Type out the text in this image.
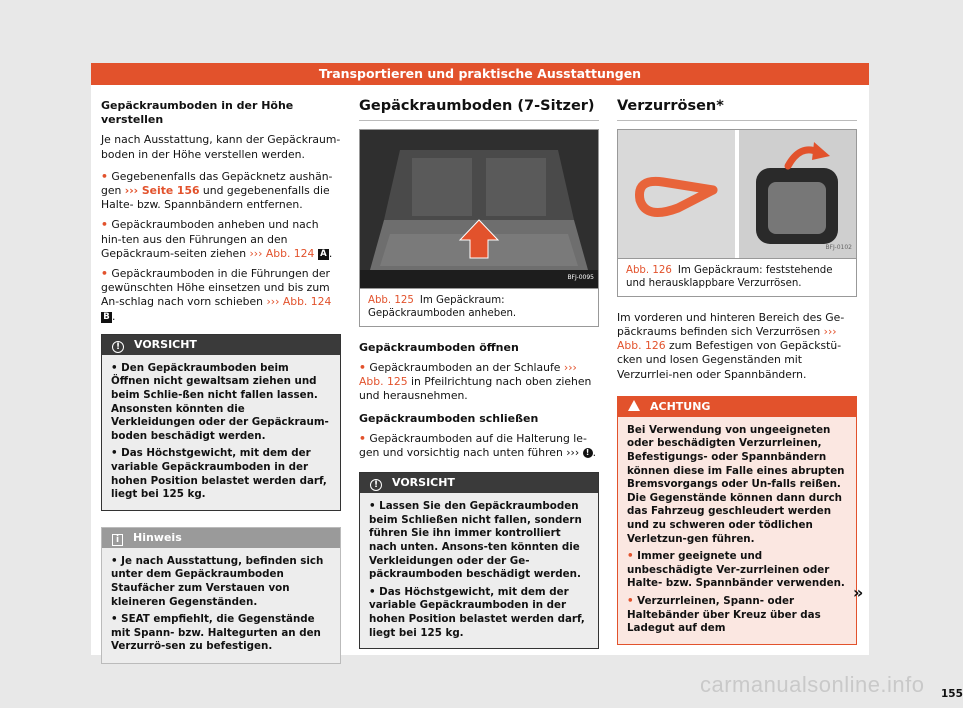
Transportieren und praktische Ausstattungen
Gepäckraumboden in der Höhe verstellen
Je nach Ausstattung, kann der Gepäckraum-boden in der Höhe verstellen werden.
• Gegebenenfalls das Gepäcknetz aushän-gen ››› Seite 156 und gegebenenfalls die Halte- bzw. Spannbändern entfernen.
• Gepäckraumboden anheben und nach hin-ten aus den Führungen an den Gepäckraum-seiten ziehen ››› Abb. 124 A .
• Gepäckraumboden in die Führungen der gewünschten Höhe einsetzen und bis zum An-schlag nach vorn schieben ››› Abb. 124 B .
! VORSICHT
• Den Gepäckraumboden beim Öffnen nicht gewaltsam ziehen und beim Schlie-ßen nicht fallen lassen. Ansonsten könnten die Verkleidungen oder der Gepäckraum-boden beschädigt werden.
• Das Höchstgewicht, mit dem der variable Gepäckraumboden in der hohen Position belastet werden darf, liegt bei 125 kg.
i Hinweis
• Je nach Ausstattung, befinden sich unter dem Gepäckraumboden Staufächer zum Verstauen von kleineren Gegenständen.
• SEAT empfiehlt, die Gegenstände mit Spann- bzw. Haltegurten an den Verzurrö-sen zu befestigen.
Gepäckraumboden (7-Sitzer)
BFJ-0095
Abb. 125 Im Gepäckraum: Gepäckraumboden anheben.
Gepäckraumboden öffnen
• Gepäckraumboden an der Schlaufe ››› Abb. 125 in Pfeilrichtung nach oben ziehen und herausnehmen.
Gepäckraumboden schließen
• Gepäckraumboden auf die Halterung le-gen und vorsichtig nach unten führen ››› ! .
! VORSICHT
• Lassen Sie den Gepäckraumboden beim Schließen nicht fallen, sondern führen Sie ihn immer kontrolliert nach unten. Ansons-ten könnten die Verkleidungen oder der Ge-päckraumboden beschädigt werden.
• Das Höchstgewicht, mit dem der variable Gepäckraumboden in der hohen Position belastet werden darf, liegt bei 125 kg.
Verzurrösen*
BFJ-0102
Abb. 126 Im Gepäckraum: feststehende und herausklappbare Verzurrösen.
Im vorderen und hinteren Bereich des Ge-päckraums befinden sich Verzurrösen ››› Abb. 126 zum Befestigen von Gepäckstü-cken und losen Gegenständen mit Verzurrlei-nen oder Spannbändern.
ACHTUNG
Bei Verwendung von ungeeigneten oder beschädigten Verzurrleinen, Befestigungs- oder Spannbändern können diese im Falle eines abrupten Bremsvorgangs oder Un-falls reißen. Die Gegenstände können dann durch das Fahrzeug geschleudert werden und zu schweren oder tödlichen Verletzun-gen führen.
• Immer geeignete und unbeschädigte Ver-zurrleinen oder Halte- bzw. Spannbänder verwenden.
• Verzurrleinen, Spann- oder Haltebänder über Kreuz über das Ladegut auf dem
»
155
carmanualsonline.info
